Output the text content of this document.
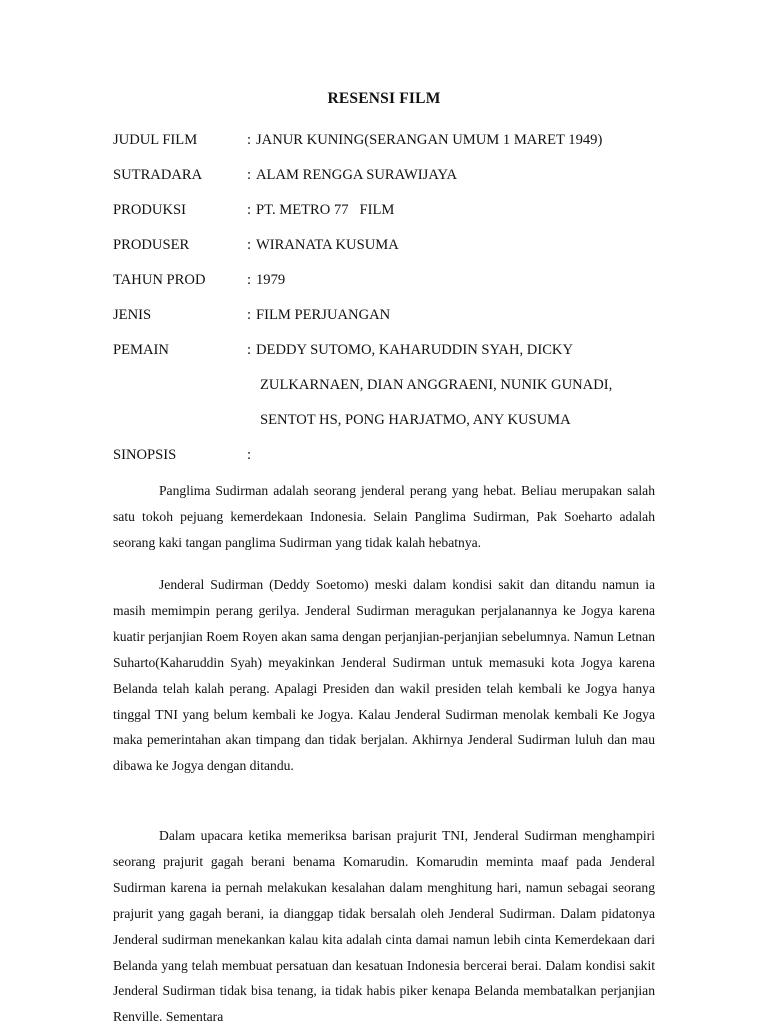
RESENSI FILM
JUDUL FILM	: JANUR KUNING(SERANGAN UMUM 1 MARET 1949)
SUTRADARA	: ALAM RENGGA SURAWIJAYA
PRODUKSI	: PT. METRO 77   FILM
PRODUSER	: WIRANATA KUSUMA
TAHUN PROD	: 1979
JENIS	: FILM PERJUANGAN
PEMAIN	: DEDDY SUTOMO, KAHARUDDIN SYAH, DICKY
ZULKARNAEN, DIAN ANGGRAENI, NUNIK GUNADI,
SENTOT HS, PONG HARJATMO, ANY KUSUMA
SINOPSIS	:

Panglima Sudirman adalah seorang jenderal perang yang hebat. Beliau merupakan salah satu tokoh pejuang kemerdekaan Indonesia. Selain Panglima Sudirman, Pak Soeharto adalah seorang kaki tangan panglima Sudirman yang tidak kalah hebatnya.

Jenderal Sudirman (Deddy Soetomo) meski dalam kondisi sakit dan ditandu namun ia masih memimpin perang gerilya. Jenderal Sudirman meragukan perjalanannya ke Jogya karena kuatir perjanjian Roem Royen akan sama dengan perjanjian-perjanjian sebelumnya. Namun Letnan Suharto(Kaharuddin Syah) meyakinkan Jenderal Sudirman untuk memasuki kota Jogya karena Belanda telah kalah perang. Apalagi Presiden dan wakil presiden telah kembali ke Jogya hanya tinggal TNI yang belum kembali ke Jogya. Kalau Jenderal Sudirman menolak kembali Ke Jogya maka pemerintahan akan timpang dan tidak berjalan. Akhirnya Jenderal Sudirman luluh dan mau dibawa ke Jogya dengan ditandu.

Dalam upacara ketika memeriksa barisan prajurit TNI, Jenderal Sudirman menghampiri seorang prajurit gagah berani benama Komarudin. Komarudin meminta maaf pada Jenderal Sudirman karena ia pernah melakukan kesalahan dalam menghitung hari, namun sebagai seorang prajurit yang gagah berani, ia dianggap tidak bersalah oleh Jenderal Sudirman. Dalam pidatonya Jenderal sudirman menekankan kalau kita adalah cinta damai namun lebih cinta Kemerdekaan dari Belanda yang telah membuat persatuan dan kesatuan Indonesia bercerai berai. Dalam kondisi sakit Jenderal Sudirman tidak bisa tenang, ia tidak habis piker kenapa Belanda membatalkan perjanjian Renville. Sementara
